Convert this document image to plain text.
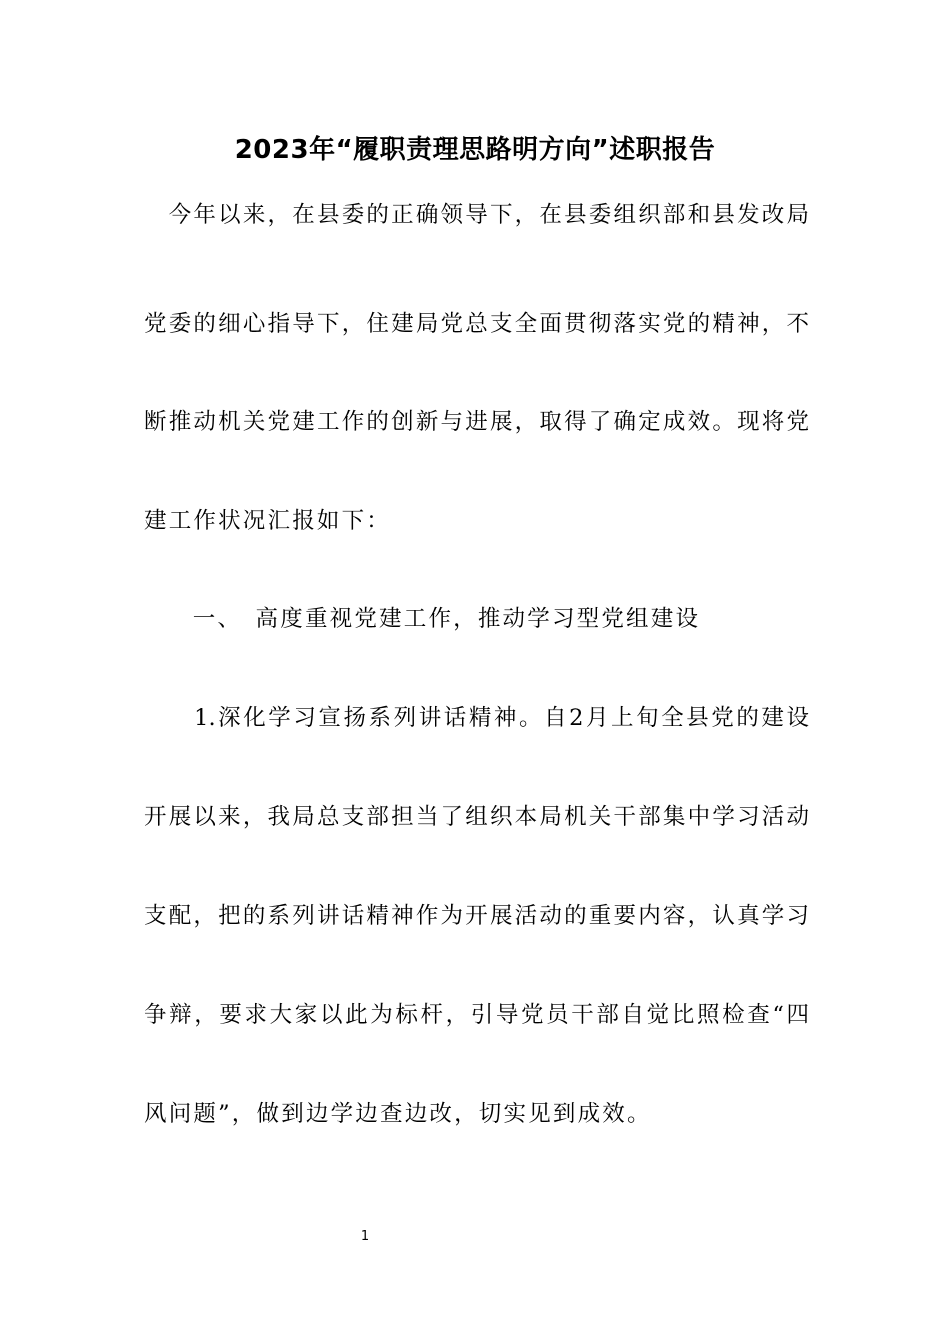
2023年“履职责理思路明方向”述职报告
　今年以来，在县委的正确领导下，在县委组织部和县发改局
党委的细心指导下，住建局党总支全面贯彻落实党的精神，不
断推动机关党建工作的创新与进展，取得了确定成效。现将党
建工作状况汇报如下：
　一、　高度重视党建工作，推动学习型党组建设
　　1.深化学习宣扬系列讲话精神。自2月上旬全县党的建设
开展以来，我局总支部担当了组织本局机关干部集中学习活动
支配，把的系列讲话精神作为开展活动的重要内容，认真学习
争辩，要求大家以此为标杆，引导党员干部自觉比照检查“四
风问题”，做到边学边查边改，切实见到成效。
1
